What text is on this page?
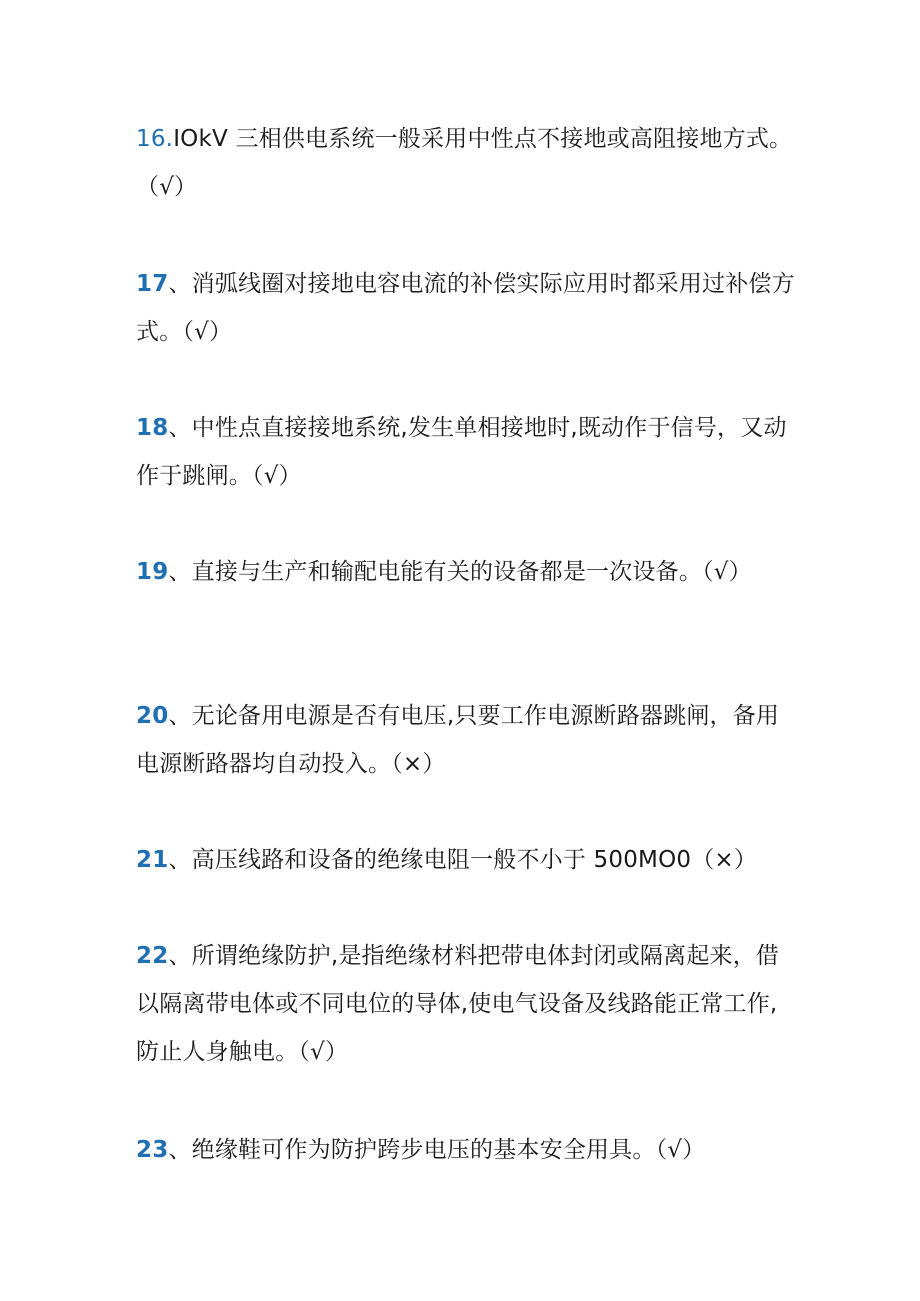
16.IOkV 三相供电系统一般采用中性点不接地或高阻接地方式。（√）

17、消弧线圈对接地电容电流的补偿实际应用时都采用过补偿方式。（√）

18、中性点直接接地系统,发生单相接地时,既动作于信号，又动作于跳闸。（√）

19、直接与生产和输配电能有关的设备都是一次设备。（√）

20、无论备用电源是否有电压,只要工作电源断路器跳闸，备用电源断路器均自动投入。（×）

21、高压线路和设备的绝缘电阻一般不小于 500MO0（×）

22、所谓绝缘防护,是指绝缘材料把带电体封闭或隔离起来，借以隔离带电体或不同电位的导体,使电气设备及线路能正常工作,防止人身触电。（√）

23、绝缘鞋可作为防护跨步电压的基本安全用具。（√）
